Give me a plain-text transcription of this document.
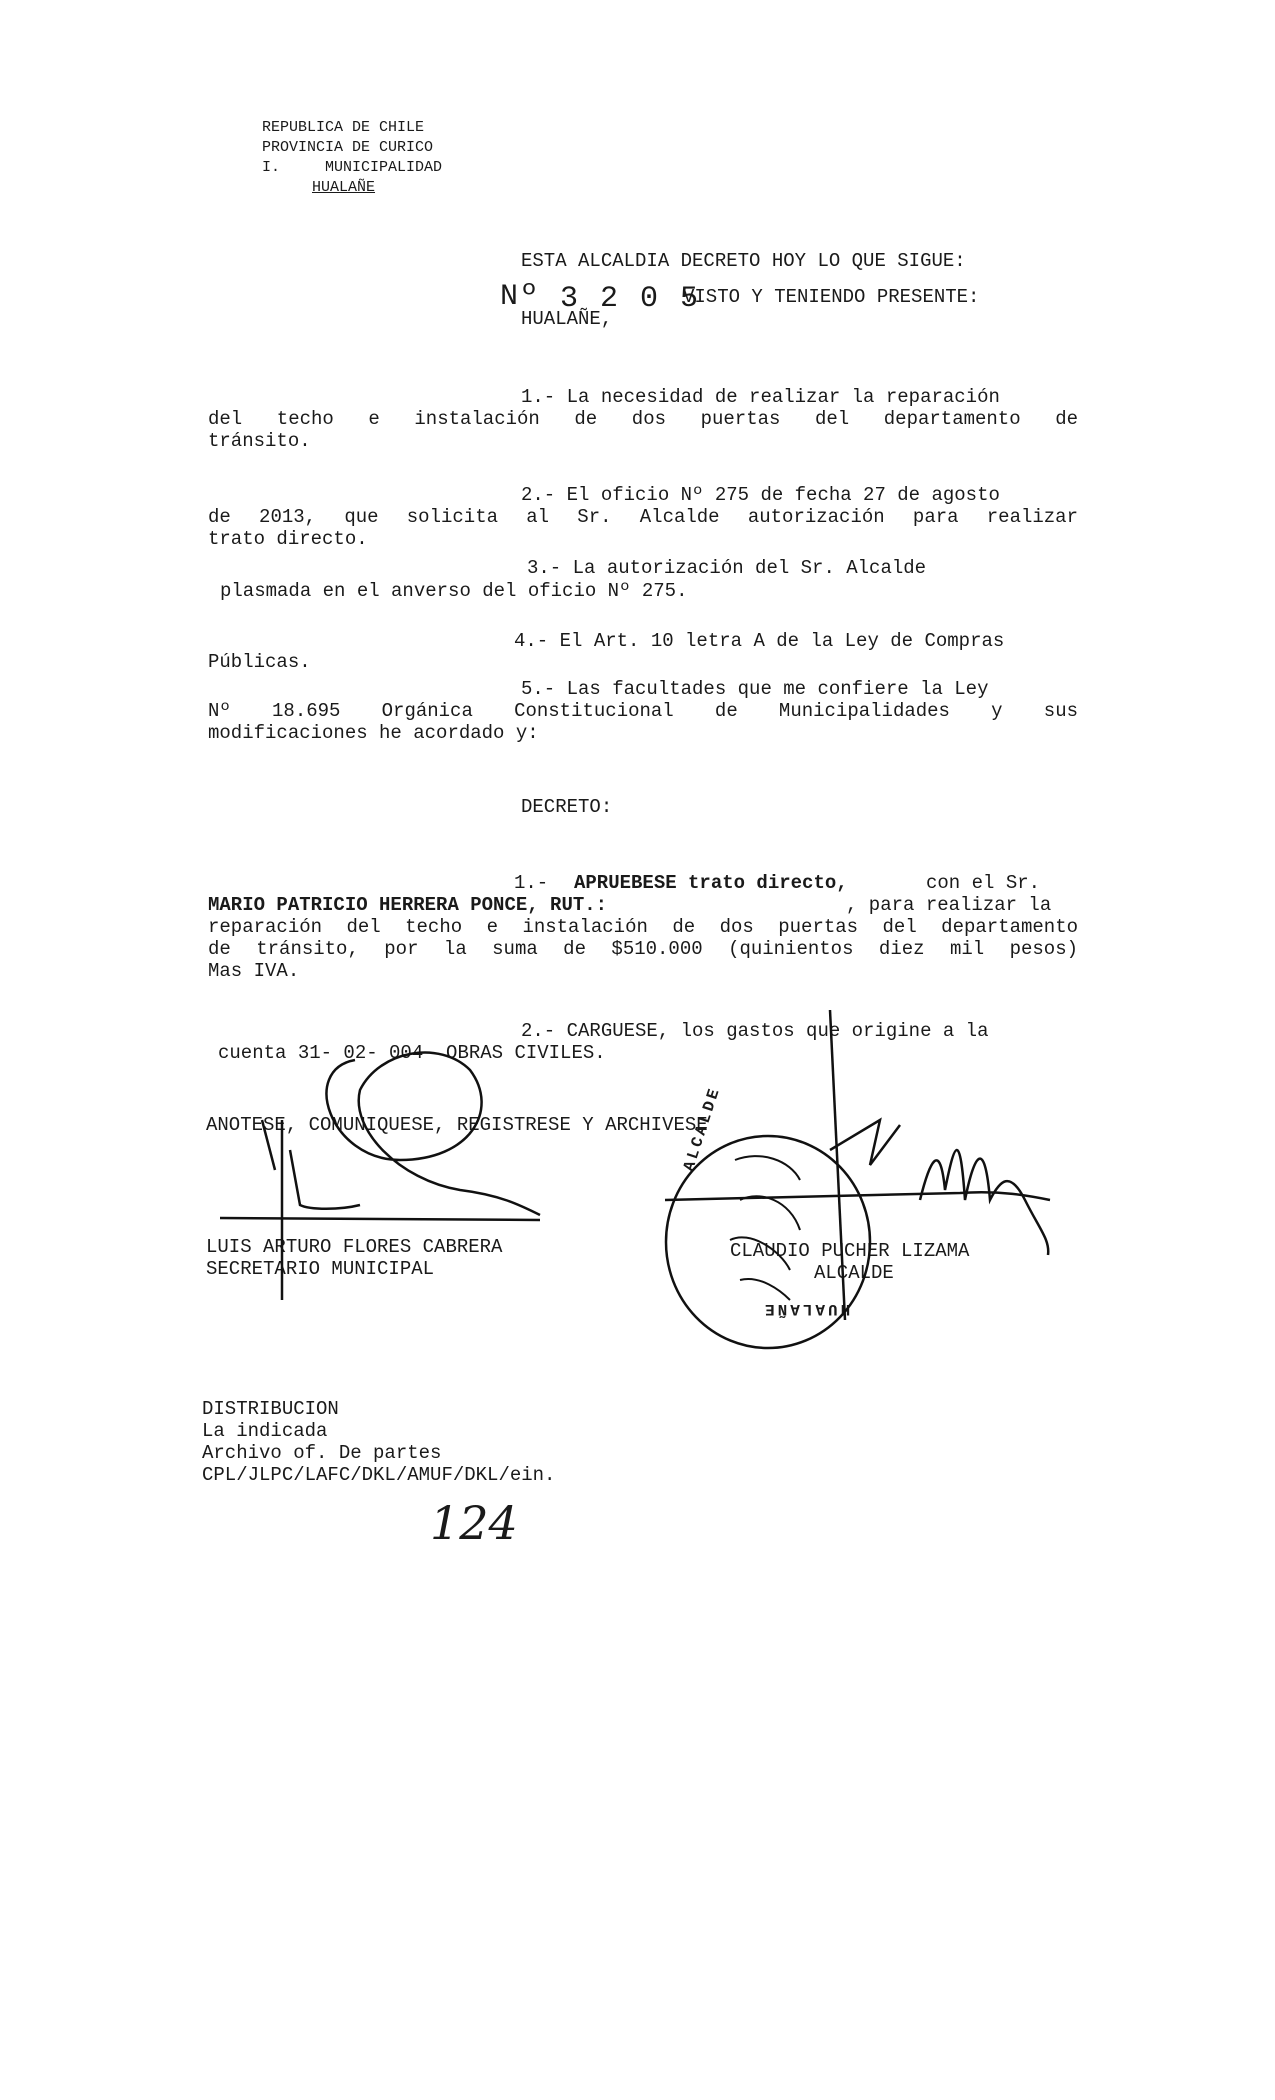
REPUBLICA DE CHILE
PROVINCIA DE CURICO
I.     MUNICIPALIDAD
HUALAÑE
ESTA ALCALDIA DECRETO HOY LO QUE SIGUE:
Nº 3 2 0 5
VISTO Y TENIENDO PRESENTE:
HUALAÑE,
1.- La necesidad de realizar la reparación
del techo e instalación de dos puertas del departamento de
tránsito.
2.- El oficio Nº 275 de fecha 27 de agosto
de 2013, que solicita al Sr. Alcalde autorización para realizar
trato directo.
3.- La autorización del Sr. Alcalde
plasmada en el anverso del oficio Nº 275.
4.- El Art. 10 letra A de la Ley de Compras
Públicas.
5.- Las facultades que me confiere la Ley
Nº 18.695 Orgánica Constitucional de Municipalidades y sus
modificaciones he acordado y:
DECRETO:
1.- APRUEBESE trato directo,	con el Sr.
MARIO PATRICIO HERRERA PONCE, RUT.:	, para realizar la
reparación del techo e instalación de dos puertas del departamento
de tránsito, por la suma de $510.000 (quinientos diez mil pesos)
Mas IVA.
2.- CARGUESE, los gastos que origine a la
cuenta 31- 02- 004  OBRAS CIVILES.
ANOTESE, COMUNIQUESE, REGISTRESE Y ARCHIVESE
LUIS ARTURO FLORES CABRERA
SECRETARIO MUNICIPAL
CLAUDIO PUCHER LIZAMA
ALCALDE
ALCALDE
HUALAÑE
DISTRIBUCION
La indicada
Archivo of. De partes
CPL/JLPC/LAFC/DKL/AMUF/DKL/ein.
124
